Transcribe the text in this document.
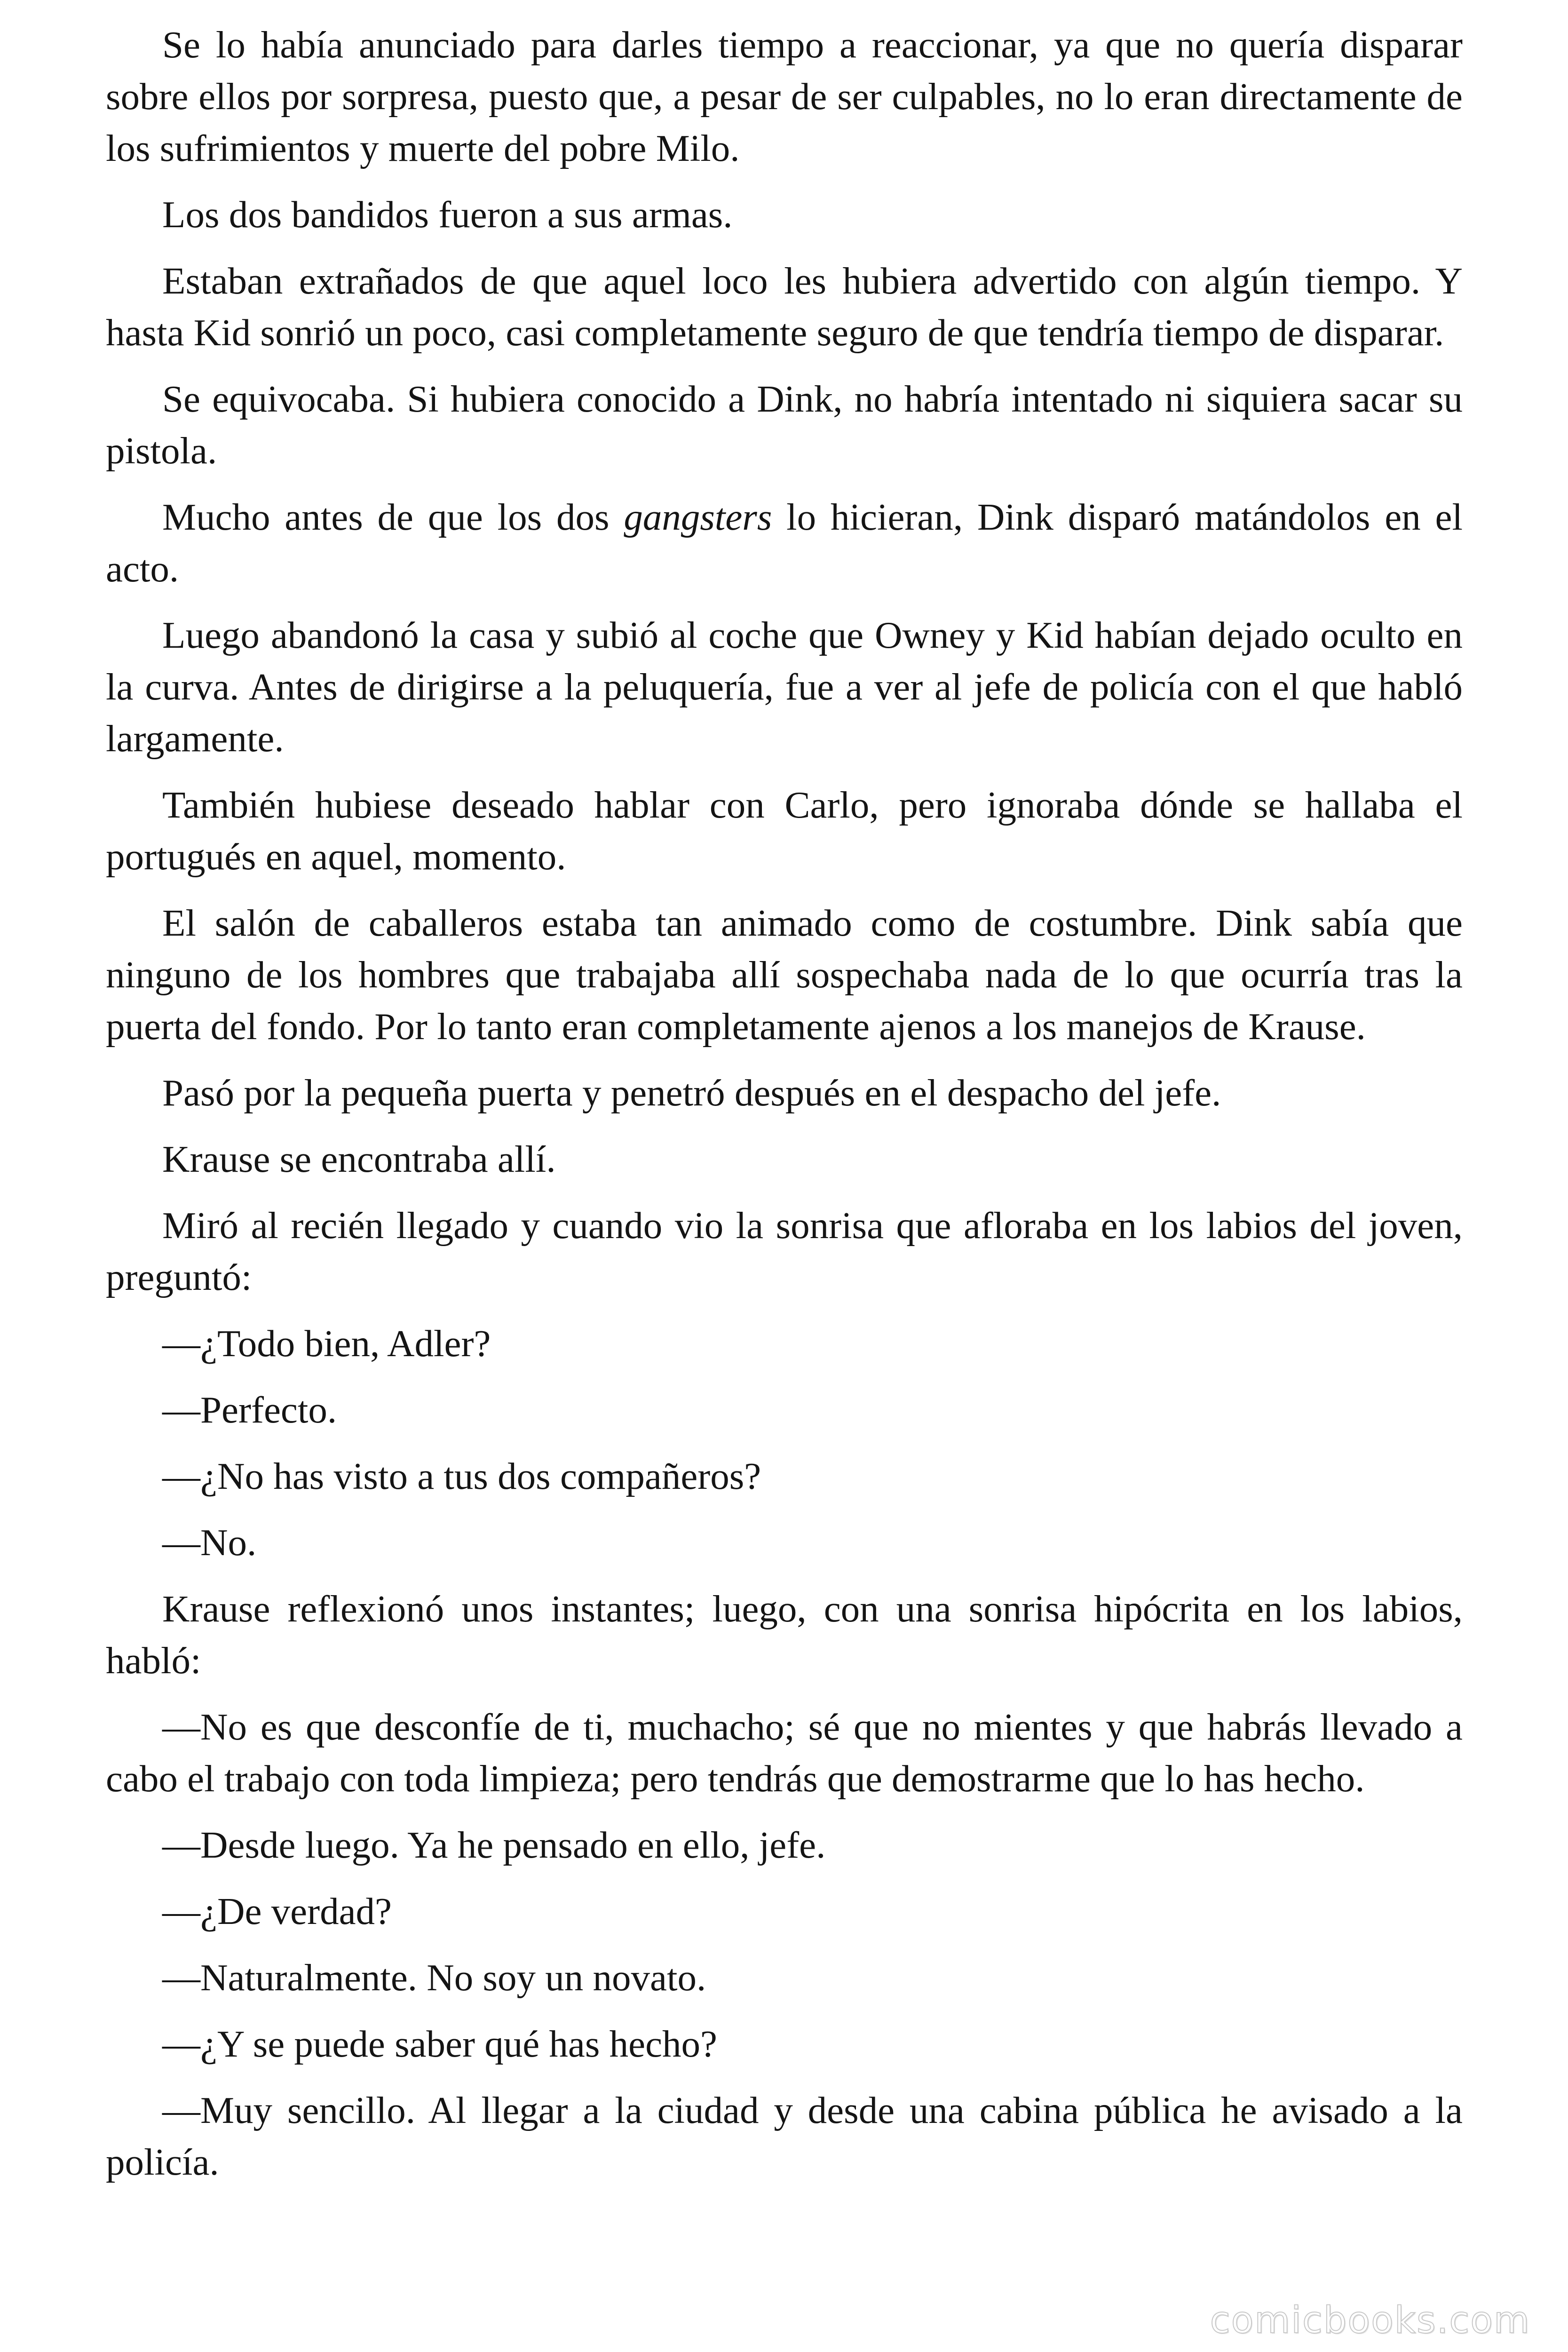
Se lo había anunciado para darles tiempo a reaccionar, ya que no quería disparar sobre ellos por sorpresa, puesto que, a pesar de ser culpables, no lo eran directamente de los sufrimientos y muerte del pobre Milo.

Los dos bandidos fueron a sus armas.

Estaban extrañados de que aquel loco les hubiera advertido con algún tiempo. Y hasta Kid sonrió un poco, casi completamente seguro de que tendría tiempo de disparar.

Se equivocaba. Si hubiera conocido a Dink, no habría intentado ni siquiera sacar su pistola.

Mucho antes de que los dos gangsters lo hicieran, Dink disparó matándolos en el acto.

Luego abandonó la casa y subió al coche que Owney y Kid habían dejado oculto en la curva. Antes de dirigirse a la peluquería, fue a ver al jefe de policía con el que habló largamente.

También hubiese deseado hablar con Carlo, pero ignoraba dónde se hallaba el portugués en aquel, momento.

El salón de caballeros estaba tan animado como de costumbre. Dink sabía que ninguno de los hombres que trabajaba allí sospechaba nada de lo que ocurría tras la puerta del fondo. Por lo tanto eran completamente ajenos a los manejos de Krause.

Pasó por la pequeña puerta y penetró después en el despacho del jefe.

Krause se encontraba allí.

Miró al recién llegado y cuando vio la sonrisa que afloraba en los labios del joven, preguntó:

—¿Todo bien, Adler?

—Perfecto.

—¿No has visto a tus dos compañeros?

—No.

Krause reflexionó unos instantes; luego, con una sonrisa hipócrita en los labios, habló:

—No es que desconfíe de ti, muchacho; sé que no mientes y que habrás llevado a cabo el trabajo con toda limpieza; pero tendrás que demostrarme que lo has hecho.

—Desde luego. Ya he pensado en ello, jefe.

—¿De verdad?

—Naturalmente. No soy un novato.

—¿Y se puede saber qué has hecho?

—Muy sencillo. Al llegar a la ciudad y desde una cabina pública he avisado a la policía.

comicbooks.com
